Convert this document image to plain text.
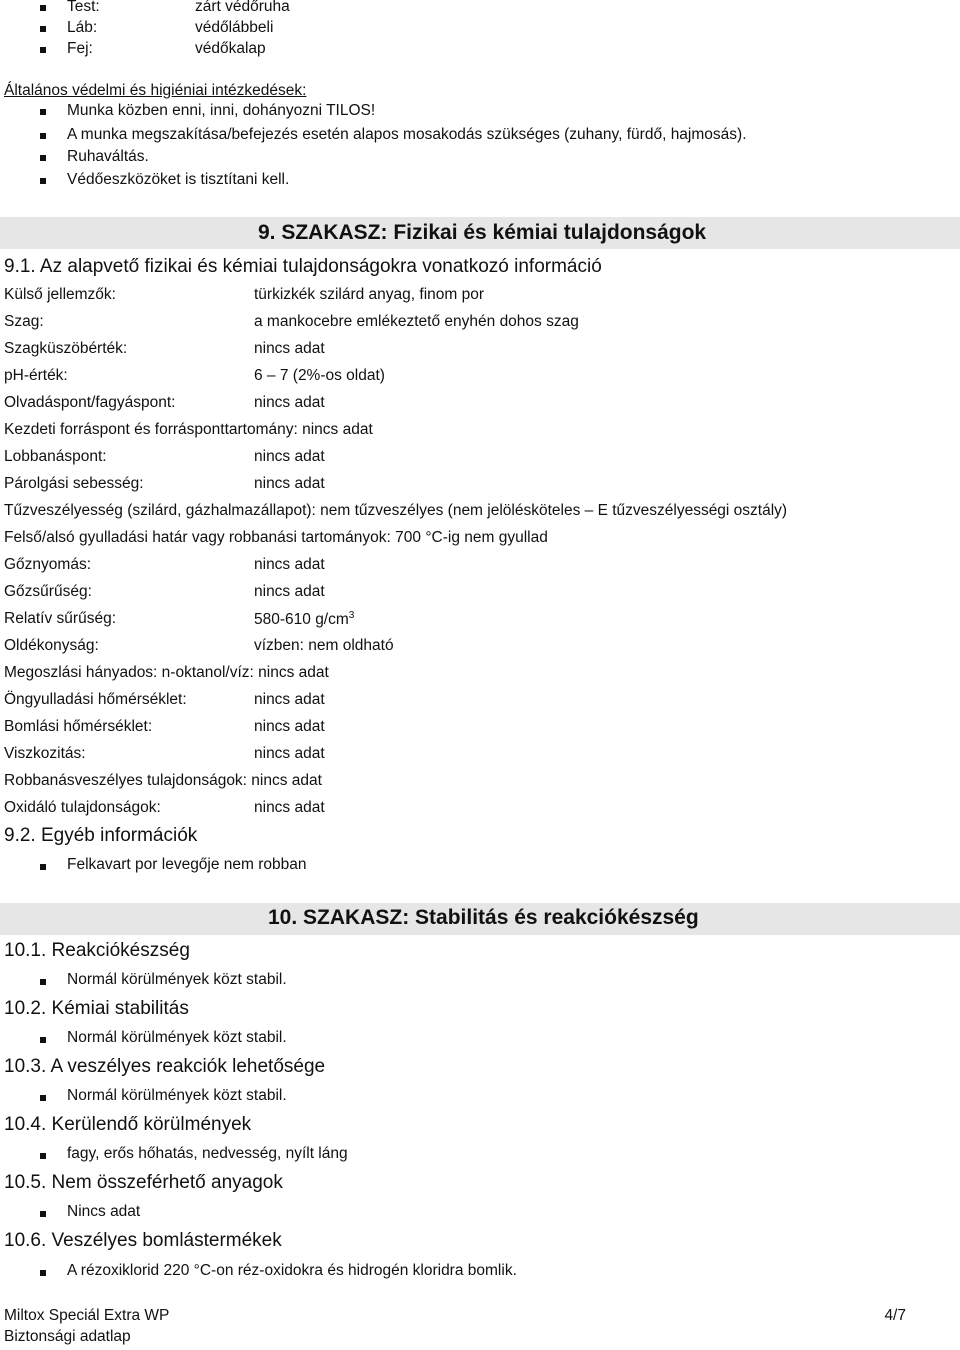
Test:	zárt védőruha
Láb:	védőlábbeli
Fej:	védőkalap
Általános védelmi és higiéniai intézkedések:
Munka közben enni, inni, dohányozni TILOS!
A munka megszakítása/befejezés esetén alapos mosakodás szükséges (zuhany, fürdő, hajmosás).
Ruhaváltás.
Védőeszközöket is tisztítani kell.
9. SZAKASZ: Fizikai és kémiai tulajdonságok
9.1. Az alapvető fizikai és kémiai tulajdonságokra vonatkozó információ
Külső jellemzők:	türkizkék szilárd anyag, finom por
Szag:	a mankocebre emlékeztető enyhén dohos szag
Szagküszöbérték:	nincs adat
pH-érték:	6 – 7 (2%-os oldat)
Olvadáspont/fagyáspont:	nincs adat
Kezdeti forráspont és forrásponttartomány: nincs adat
Lobbanáspont:	nincs adat
Párolgási sebesség:	nincs adat
Tűzveszélyesség (szilárd, gázhalmazállapot): nem tűzveszélyes (nem jelölésköteles – E tűzveszélyességi osztály)
Felső/alsó gyulladási határ vagy robbanási tartományok: 700 °C-ig nem gyullad
Gőznyomás:	nincs adat
Gőzsűrűség:	nincs adat
Relatív sűrűség:	580-610 $g/cm^3$
Oldékonyság:	vízben: nem oldható
Megoszlási hányados: n-oktanol/víz: nincs adat
Öngyulladási hőmérséklet:	nincs adat
Bomlási hőmérséklet:	nincs adat
Viszkozitás:	nincs adat
Robbanásveszélyes tulajdonságok: nincs adat
Oxidáló tulajdonságok:	nincs adat
9.2. Egyéb információk
Felkavart por levegője nem robban
10. SZAKASZ: Stabilitás és reakciókészség
10.1. Reakciókészség
Normál körülmények közt stabil.
10.2. Kémiai stabilitás
Normál körülmények közt stabil.
10.3. A veszélyes reakciók lehetősége
Normál körülmények közt stabil.
10.4. Kerülendő körülmények
fagy, erős hőhatás, nedvesség, nyílt láng
10.5. Nem összeférhető anyagok
Nincs adat
10.6. Veszélyes bomlástermékek
A rézoxiklorid 220 °C-on réz-oxidokra és hidrogén kloridra bomlik.
Miltox Speciál Extra WP	4/7
Biztonsági adatlap
